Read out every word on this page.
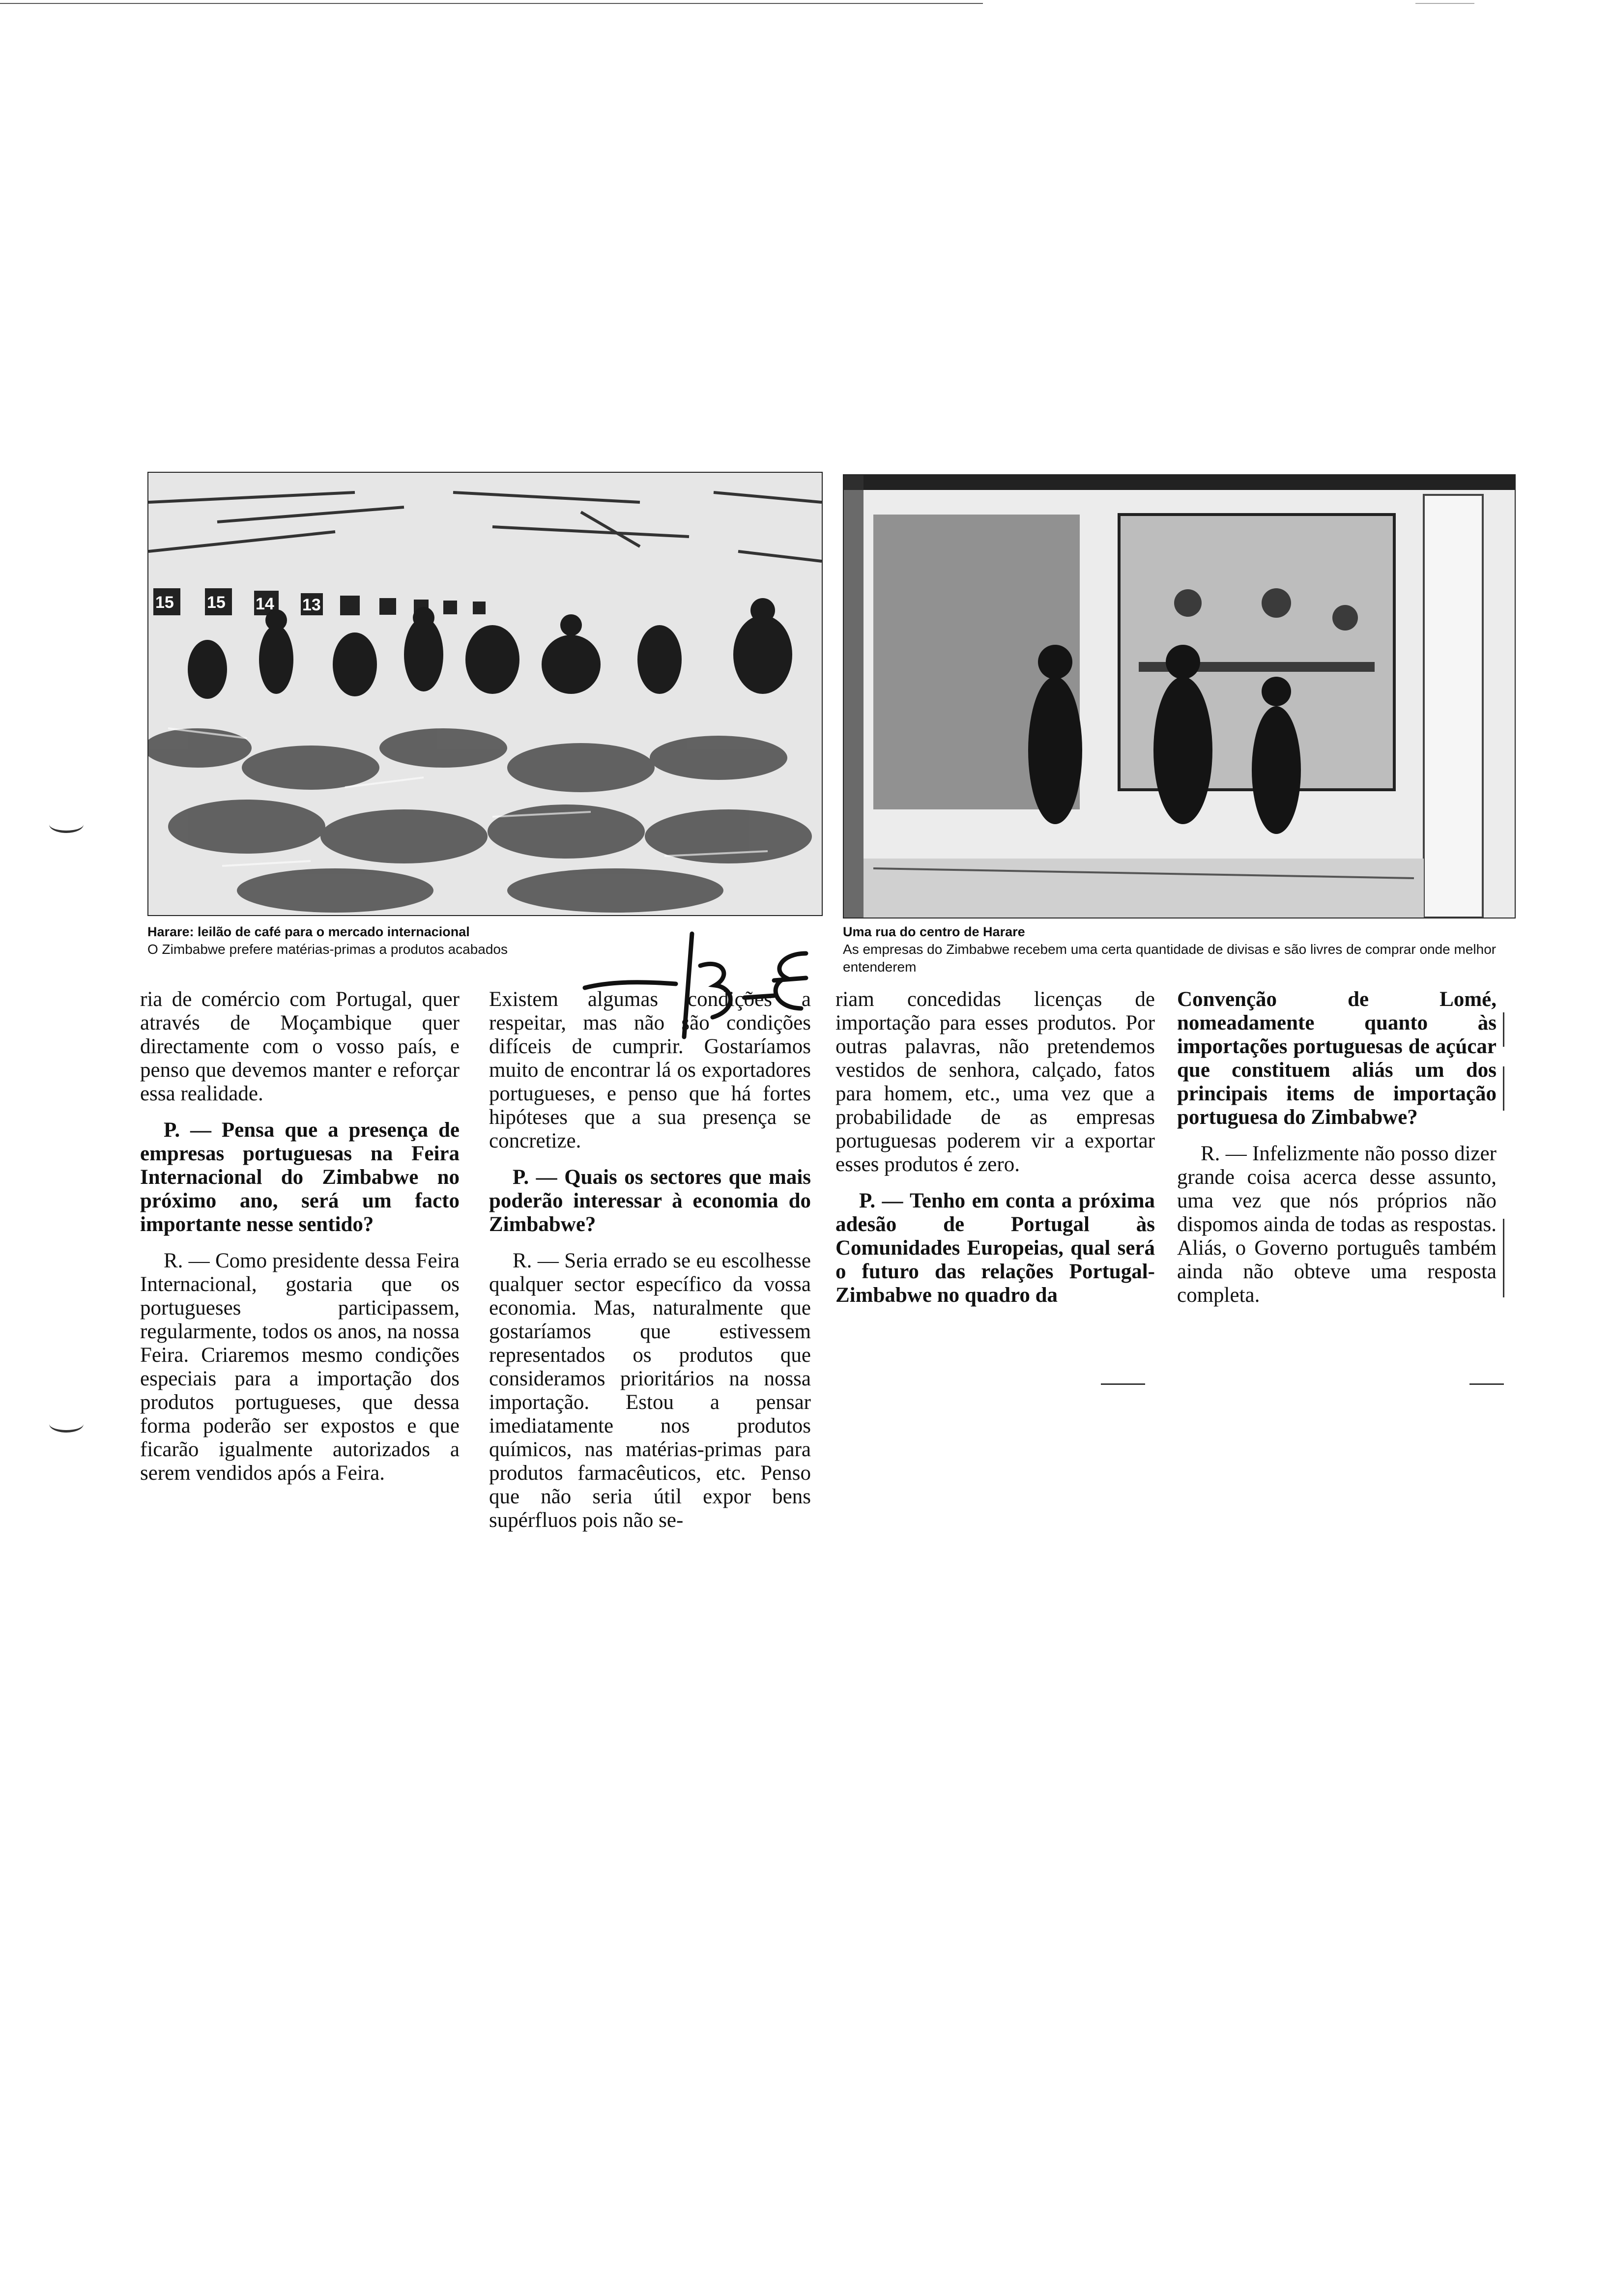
15 15 14 13
Harare: leilão de café para o mercado internacional
O Zimbabwe prefere matérias-primas a produtos acabados
Uma rua do centro de Harare
As empresas do Zimbabwe recebem uma certa quantidade de divisas e são livres de comprar onde melhor entenderem

ria de comércio com Portugal, quer através de Moçambique quer directamente com o vosso país, e penso que devemos manter e reforçar essa realidade.

P. — Pensa que a presença de empresas portuguesas na Feira Internacional do Zimbabwe no próximo ano, será um facto importante nesse sentido?

R. — Como presidente dessa Feira Internacional, gostaria que os portugueses participassem, regularmente, todos os anos, na nossa Feira. Criaremos mesmo condições especiais para a importação dos produtos portugueses, que dessa forma poderão ser expostos e que ficarão igualmente autorizados a serem vendidos após a Feira.

Existem algumas condições a respeitar, mas não são condições difíceis de cumprir. Gostaríamos muito de encontrar lá os exportadores portugueses, e penso que há fortes hipóteses que a sua presença se concretize.

P. — Quais os sectores que mais poderão interessar à economia do Zimbabwe?

R. — Seria errado se eu escolhesse qualquer sector específico da vossa economia. Mas, naturalmente que gostaríamos que estivessem representados os produtos que consideramos prioritários na nossa importação. Estou a pensar imediatamente nos produtos químicos, nas matérias-primas para produtos farmacêuticos, etc. Penso que não seria útil expor bens supérfluos pois não se-

riam concedidas licenças de importação para esses produtos. Por outras palavras, não pretendemos vestidos de senhora, calçado, fatos para homem, etc., uma vez que a probabilidade de as empresas portuguesas poderem vir a exportar esses produtos é zero.

P. — Tenho em conta a próxima adesão de Portugal às Comunidades Europeias, qual será o futuro das relações Portugal-Zimbabwe no quadro da

Convenção de Lomé, nomeadamente quanto às importações portuguesas de açúcar que constituem aliás um dos principais items de importação portuguesa do Zimbabwe?

R. — Infelizmente não posso dizer grande coisa acerca desse assunto, uma vez que nós próprios não dispomos ainda de todas as respostas. Aliás, o Governo português também ainda não obteve uma resposta completa.
